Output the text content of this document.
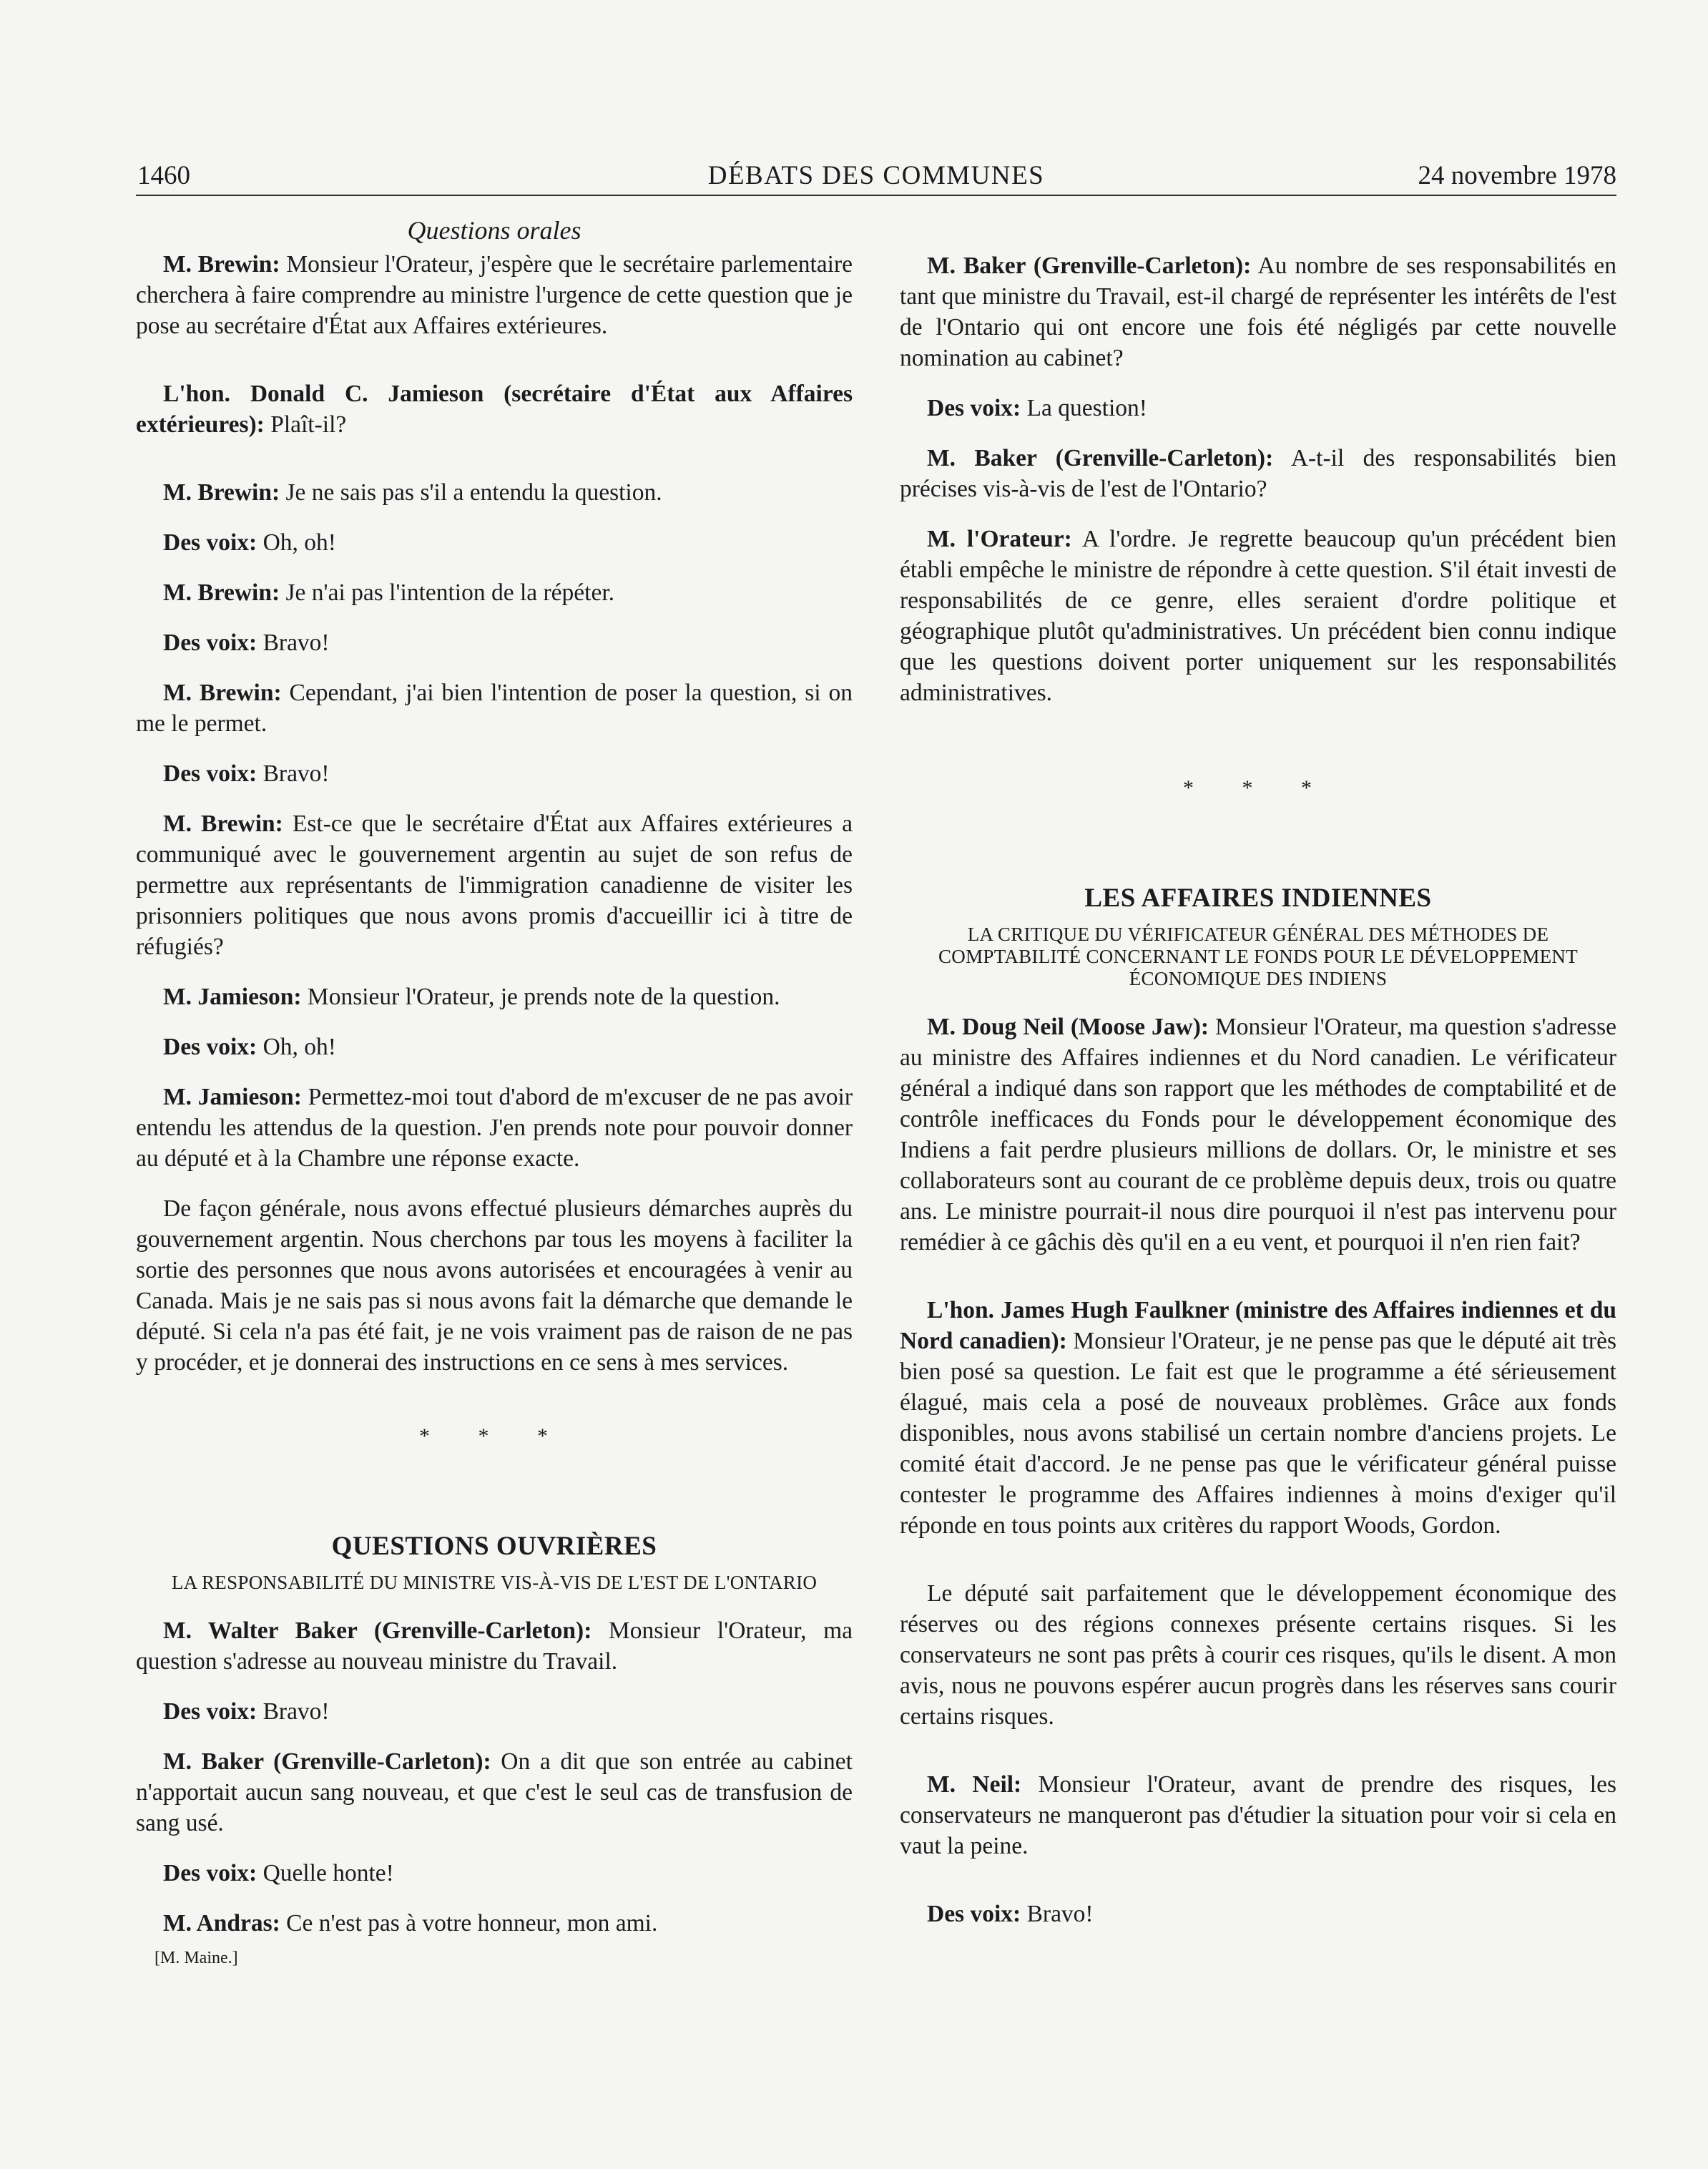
1460	DÉBATS DES COMMUNES	24 novembre 1978
Questions orales

M. Brewin: Monsieur l'Orateur, j'espère que le secrétaire parlementaire cherchera à faire comprendre au ministre l'urgence de cette question que je pose au secrétaire d'État aux Affaires extérieures.

L'hon. Donald C. Jamieson (secrétaire d'État aux Affaires extérieures): Plaît-il?

M. Brewin: Je ne sais pas s'il a entendu la question.

Des voix: Oh, oh!

M. Brewin: Je n'ai pas l'intention de la répéter.

Des voix: Bravo!

M. Brewin: Cependant, j'ai bien l'intention de poser la question, si on me le permet.

Des voix: Bravo!

M. Brewin: Est-ce que le secrétaire d'État aux Affaires extérieures a communiqué avec le gouvernement argentin au sujet de son refus de permettre aux représentants de l'immigration canadienne de visiter les prisonniers politiques que nous avons promis d'accueillir ici à titre de réfugiés?

M. Jamieson: Monsieur l'Orateur, je prends note de la question.

Des voix: Oh, oh!

M. Jamieson: Permettez-moi tout d'abord de m'excuser de ne pas avoir entendu les attendus de la question. J'en prends note pour pouvoir donner au député et à la Chambre une réponse exacte.

De façon générale, nous avons effectué plusieurs démarches auprès du gouvernement argentin. Nous cherchons par tous les moyens à faciliter la sortie des personnes que nous avons autorisées et encouragées à venir au Canada. Mais je ne sais pas si nous avons fait la démarche que demande le député. Si cela n'a pas été fait, je ne vois vraiment pas de raison de ne pas y procéder, et je donnerai des instructions en ce sens à mes services.

* * *
QUESTIONS OUVRIÈRES
LA RESPONSABILITÉ DU MINISTRE VIS-À-VIS DE L'EST DE L'ONTARIO

M. Walter Baker (Grenville-Carleton): Monsieur l'Orateur, ma question s'adresse au nouveau ministre du Travail.

Des voix: Bravo!

M. Baker (Grenville-Carleton): On a dit que son entrée au cabinet n'apportait aucun sang nouveau, et que c'est le seul cas de transfusion de sang usé.

Des voix: Quelle honte!

M. Andras: Ce n'est pas à votre honneur, mon ami.

[M. Maine.]

M. Baker (Grenville-Carleton): Au nombre de ses responsabilités en tant que ministre du Travail, est-il chargé de représenter les intérêts de l'est de l'Ontario qui ont encore une fois été négligés par cette nouvelle nomination au cabinet?

Des voix: La question!

M. Baker (Grenville-Carleton): A-t-il des responsabilités bien précises vis-à-vis de l'est de l'Ontario?

M. l'Orateur: A l'ordre. Je regrette beaucoup qu'un précédent bien établi empêche le ministre de répondre à cette question. S'il était investi de responsabilités de ce genre, elles seraient d'ordre politique et géographique plutôt qu'administratives. Un précédent bien connu indique que les questions doivent porter uniquement sur les responsabilités administratives.

* * *
LES AFFAIRES INDIENNES
LA CRITIQUE DU VÉRIFICATEUR GÉNÉRAL DES MÉTHODES DE COMPTABILITÉ CONCERNANT LE FONDS POUR LE DÉVELOPPEMENT ÉCONOMIQUE DES INDIENS

M. Doug Neil (Moose Jaw): Monsieur l'Orateur, ma question s'adresse au ministre des Affaires indiennes et du Nord canadien. Le vérificateur général a indiqué dans son rapport que les méthodes de comptabilité et de contrôle inefficaces du Fonds pour le développement économique des Indiens a fait perdre plusieurs millions de dollars. Or, le ministre et ses collaborateurs sont au courant de ce problème depuis deux, trois ou quatre ans. Le ministre pourrait-il nous dire pourquoi il n'est pas intervenu pour remédier à ce gâchis dès qu'il en a eu vent, et pourquoi il n'en rien fait?

L'hon. James Hugh Faulkner (ministre des Affaires indiennes et du Nord canadien): Monsieur l'Orateur, je ne pense pas que le député ait très bien posé sa question. Le fait est que le programme a été sérieusement élagué, mais cela a posé de nouveaux problèmes. Grâce aux fonds disponibles, nous avons stabilisé un certain nombre d'anciens projets. Le comité était d'accord. Je ne pense pas que le vérificateur général puisse contester le programme des Affaires indiennes à moins d'exiger qu'il réponde en tous points aux critères du rapport Woods, Gordon.

Le député sait parfaitement que le développement économique des réserves ou des régions connexes présente certains risques. Si les conservateurs ne sont pas prêts à courir ces risques, qu'ils le disent. A mon avis, nous ne pouvons espérer aucun progrès dans les réserves sans courir certains risques.

M. Neil: Monsieur l'Orateur, avant de prendre des risques, les conservateurs ne manqueront pas d'étudier la situation pour voir si cela en vaut la peine.

Des voix: Bravo!
